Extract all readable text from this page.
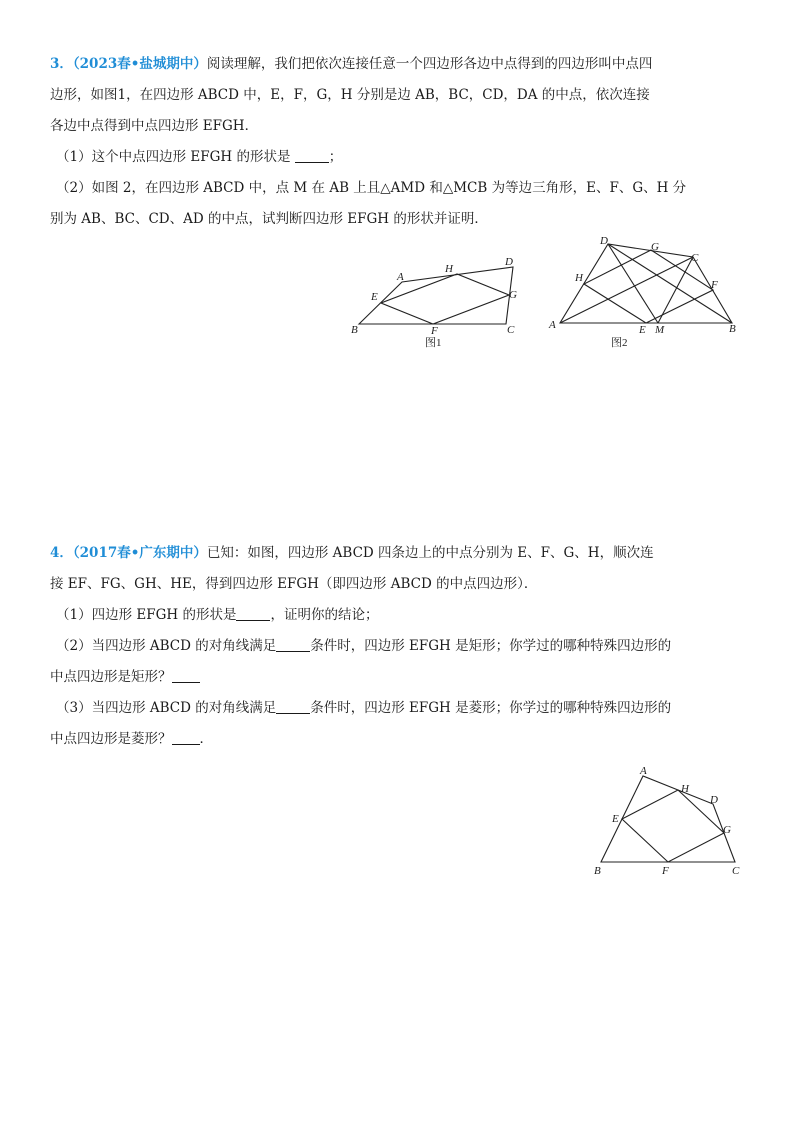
3．（2023春•盐城期中）阅读理解，我们把依次连接任意一个四边形各边中点得到的四边形叫中点四

边形，如图1，在四边形 ABCD 中，E，F，G，H 分别是边 AB，BC，CD，DA 的中点，依次连接

各边中点得到中点四边形 EFGH．

（1）这个中点四边形 EFGH 的形状是	；

（2）如图 2，在四边形 ABCD 中，点 M 在 AB 上且△AMD 和△MCB 为等边三角形，E、F、G、H 分

别为 AB、BC、CD、AD 的中点，试判断四边形 EFGH 的形状并证明．

A
B	C
D
E
F
G
H
图1
A	B
C
D
E
F
G
H
M
图2

4．（2017春•广东期中）已知：如图，四边形 ABCD 四条边上的中点分别为 E、F、G、H，顺次连

接 EF、FG、GH、HE，得到四边形 EFGH（即四边形 ABCD 的中点四边形）．

（1）四边形 EFGH 的形状是	，证明你的结论；

（2）当四边形 ABCD 的对角线满足	条件时，四边形 EFGH 是矩形；你学过的哪种特殊四边形的

中点四边形是矩形？

（3）当四边形 ABCD 的对角线满足	条件时，四边形 EFGH 是菱形；你学过的哪种特殊四边形的

中点四边形是菱形？ ．

A
B	C
D
E
F
G
H
